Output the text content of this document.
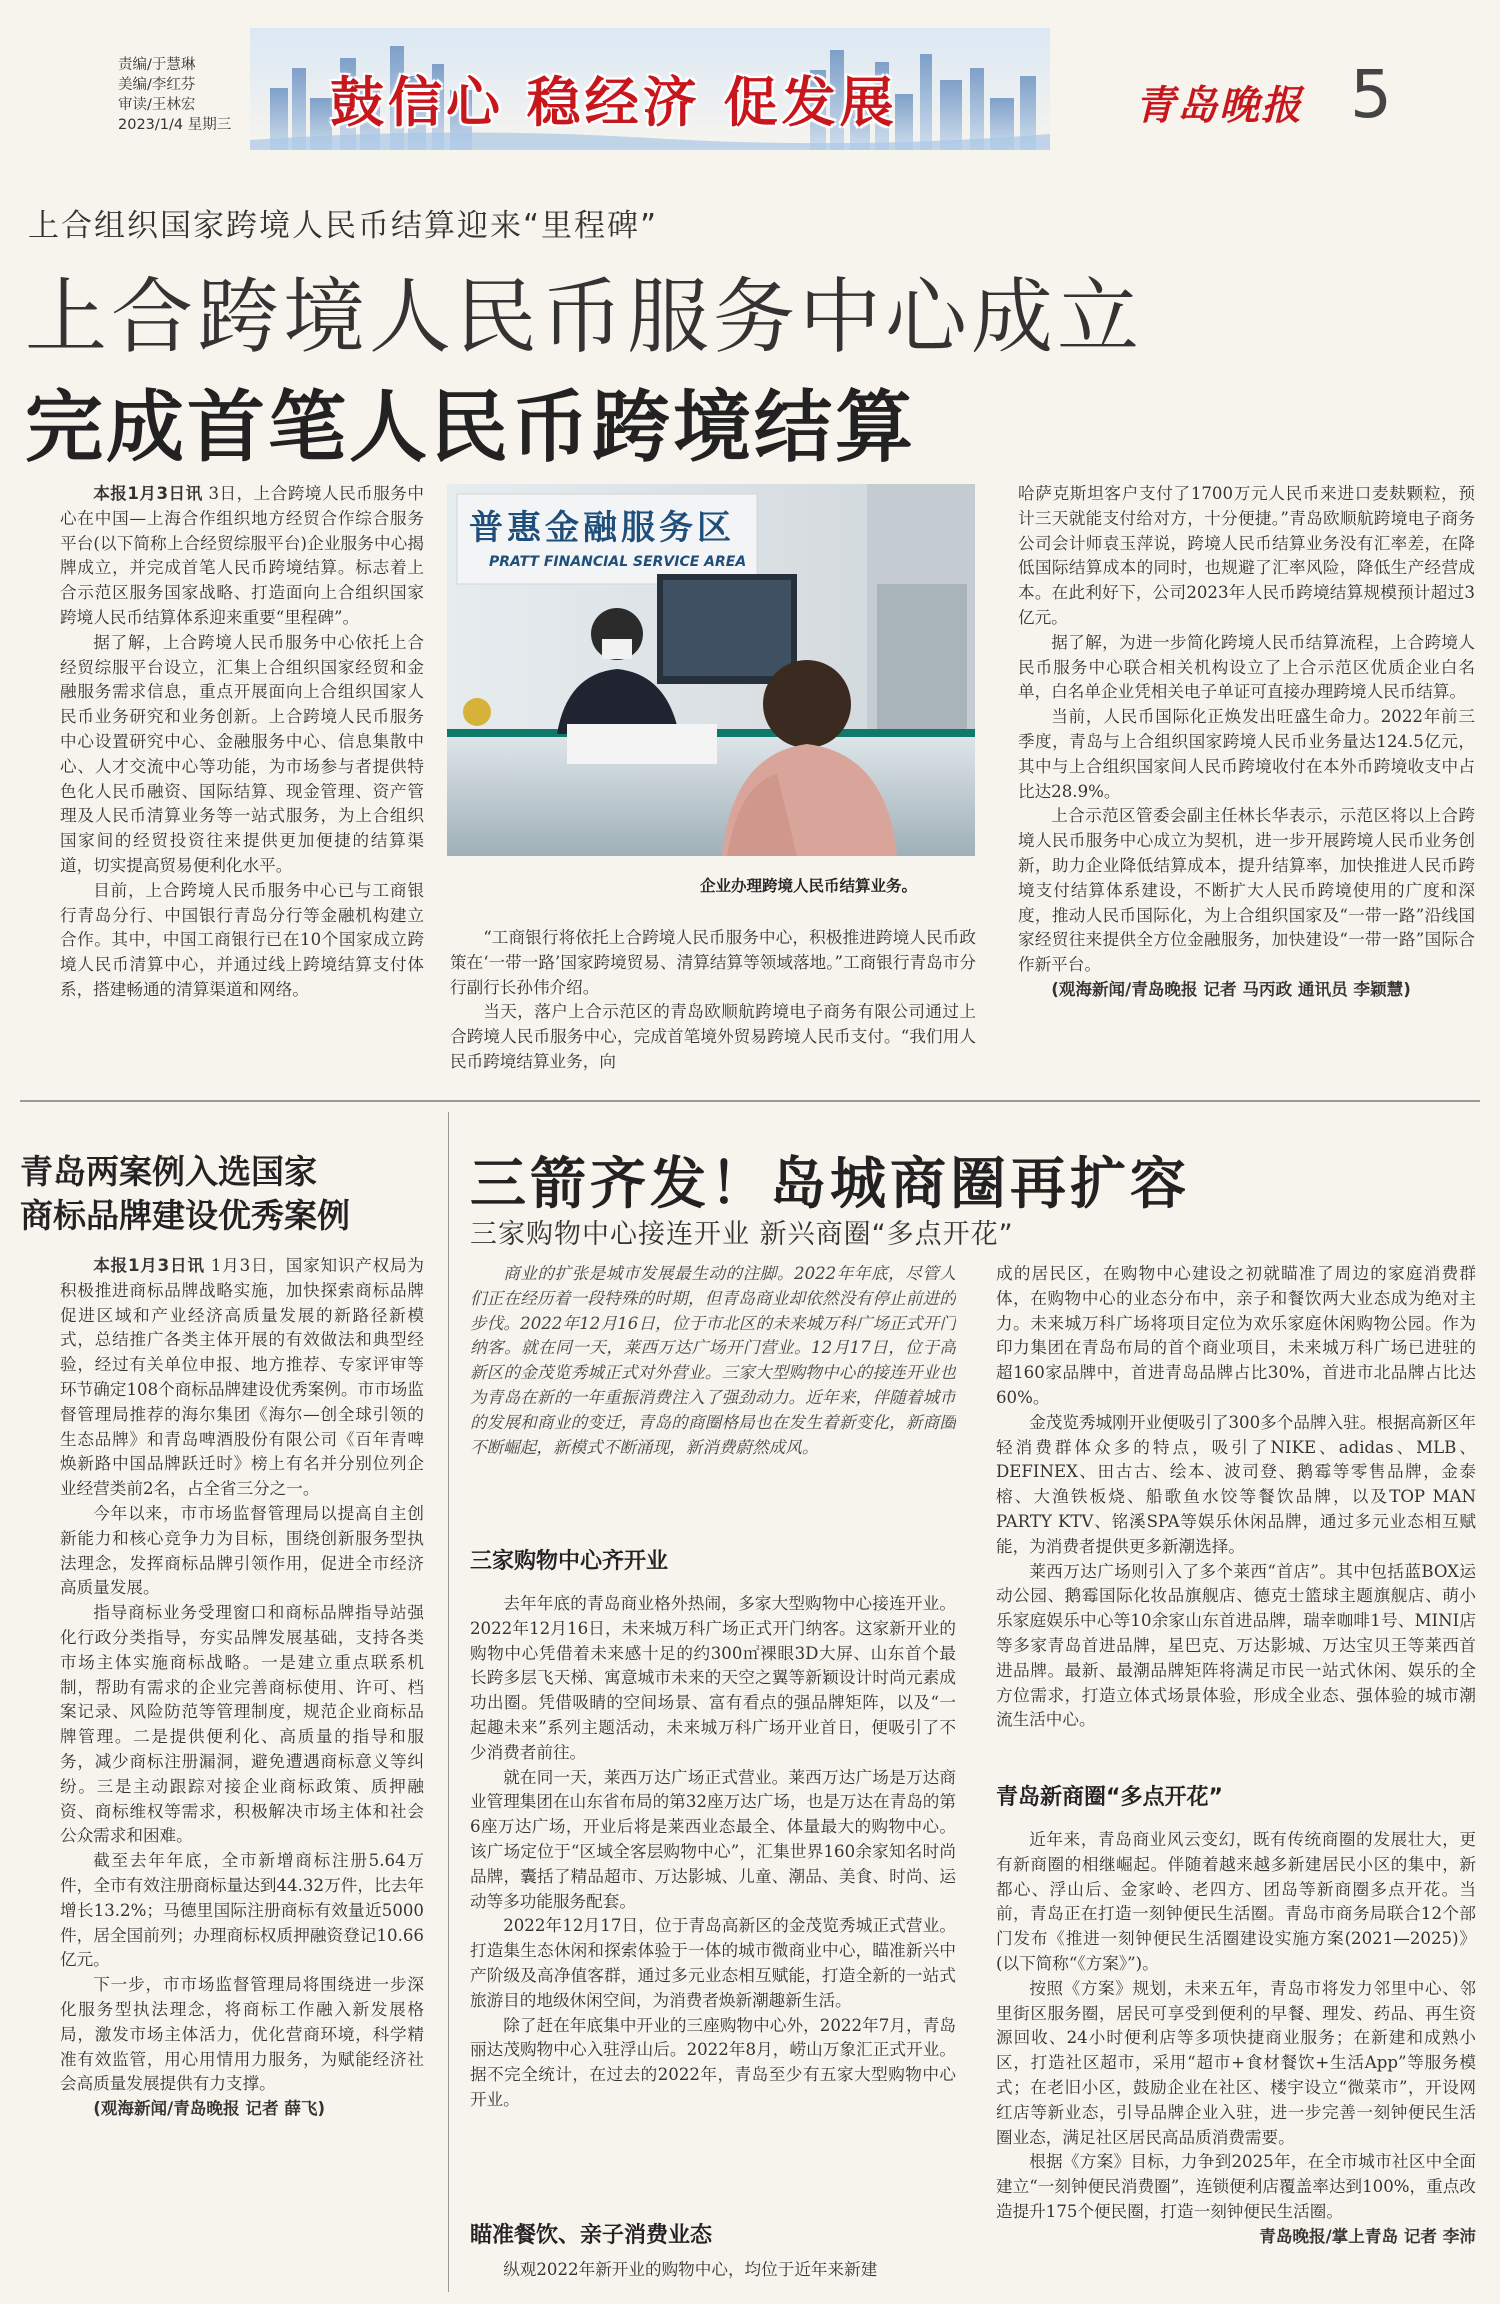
责编/于慧琳
美编/李红芬
审读/王林宏
2023/1/4 星期三 鼓信心 稳经济 促发展	青岛晚报 5
上合组织国家跨境人民币结算迎来“里程碑”
上合跨境人民币服务中心成立
完成首笔人民币跨境结算

本报1月3日讯 3日，上合跨境人民币服务中心在中国—上海合作组织地方经贸合作综合服务平台(以下简称上合经贸综服平台)企业服务中心揭牌成立，并完成首笔人民币跨境结算。标志着上合示范区服务国家战略、打造面向上合组织国家跨境人民币结算体系迎来重要“里程碑”。

据了解，上合跨境人民币服务中心依托上合经贸综服平台设立，汇集上合组织国家经贸和金融服务需求信息，重点开展面向上合组织国家人民币业务研究和业务创新。上合跨境人民币服务中心设置研究中心、金融服务中心、信息集散中心、人才交流中心等功能，为市场参与者提供特色化人民币融资、国际结算、现金管理、资产管理及人民币清算业务等一站式服务，为上合组织国家间的经贸投资往来提供更加便捷的结算渠道，切实提高贸易便利化水平。

目前，上合跨境人民币服务中心已与工商银行青岛分行、中国银行青岛分行等金融机构建立合作。其中，中国工商银行已在10个国家成立跨境人民币清算中心，并通过线上跨境结算支付体系，搭建畅通的清算渠道和网络。

普惠金融服务区
PRATT FINANCIAL SERVICE AREA
企业办理跨境人民币结算业务。

“工商银行将依托上合跨境人民币服务中心，积极推进跨境人民币政策在‘一带一路’国家跨境贸易、清算结算等领域落地。”工商银行青岛市分行副行长孙伟介绍。

当天，落户上合示范区的青岛欧顺航跨境电子商务有限公司通过上合跨境人民币服务中心，完成首笔境外贸易跨境人民币支付。“我们用人民币跨境结算业务，向

哈萨克斯坦客户支付了1700万元人民币来进口麦麸颗粒，预计三天就能支付给对方，十分便捷。”青岛欧顺航跨境电子商务公司会计师袁玉萍说，跨境人民币结算业务没有汇率差，在降低国际结算成本的同时，也规避了汇率风险，降低生产经营成本。在此利好下，公司2023年人民币跨境结算规模预计超过3亿元。

据了解，为进一步简化跨境人民币结算流程，上合跨境人民币服务中心联合相关机构设立了上合示范区优质企业白名单，白名单企业凭相关电子单证可直接办理跨境人民币结算。

当前，人民币国际化正焕发出旺盛生命力。2022年前三季度，青岛与上合组织国家跨境人民币业务量达124.5亿元，其中与上合组织国家间人民币跨境收付在本外币跨境收支中占比达28.9%。

上合示范区管委会副主任林长华表示，示范区将以上合跨境人民币服务中心成立为契机，进一步开展跨境人民币业务创新，助力企业降低结算成本，提升结算率，加快推进人民币跨境支付结算体系建设，不断扩大人民币跨境使用的广度和深度，推动人民币国际化，为上合组织国家及“一带一路”沿线国家经贸往来提供全方位金融服务，加快建设“一带一路”国际合作新平台。

(观海新闻/青岛晚报 记者 马丙政 通讯员 李颖慧)

青岛两案例入选国家
商标品牌建设优秀案例

本报1月3日讯 1月3日，国家知识产权局为积极推进商标品牌战略实施，加快探索商标品牌促进区域和产业经济高质量发展的新路径新模式，总结推广各类主体开展的有效做法和典型经验，经过有关单位申报、地方推荐、专家评审等环节确定108个商标品牌建设优秀案例。市市场监督管理局推荐的海尔集团《海尔—创全球引领的生态品牌》和青岛啤酒股份有限公司《百年青啤焕新路中国品牌跃迁时》榜上有名并分别位列企业经营类前2名，占全省三分之一。

今年以来，市市场监督管理局以提高自主创新能力和核心竞争力为目标，围绕创新服务型执法理念，发挥商标品牌引领作用，促进全市经济高质量发展。

指导商标业务受理窗口和商标品牌指导站强化行政分类指导，夯实品牌发展基础，支持各类市场主体实施商标战略。一是建立重点联系机制，帮助有需求的企业完善商标使用、许可、档案记录、风险防范等管理制度，规范企业商标品牌管理。二是提供便利化、高质量的指导和服务，减少商标注册漏洞，避免遭遇商标意义等纠纷。三是主动跟踪对接企业商标政策、质押融资、商标维权等需求，积极解决市场主体和社会公众需求和困难。

截至去年年底，全市新增商标注册5.64万件，全市有效注册商标量达到44.32万件，比去年增长13.2%；马德里国际注册商标有效量近5000件，居全国前列；办理商标权质押融资登记10.66亿元。

下一步，市市场监督管理局将围绕进一步深化服务型执法理念，将商标工作融入新发展格局，激发市场主体活力，优化营商环境，科学精准有效监管，用心用情用力服务，为赋能经济社会高质量发展提供有力支撑。

(观海新闻/青岛晚报 记者 薛飞)

三箭齐发！岛城商圈再扩容
三家购物中心接连开业 新兴商圈“多点开花”

商业的扩张是城市发展最生动的注脚。2022年年底，尽管人们正在经历着一段特殊的时期，但青岛商业却依然没有停止前进的步伐。2022年12月16日，位于市北区的未来城万科广场正式开门纳客。就在同一天，莱西万达广场开门营业。12月17日，位于高新区的金茂览秀城正式对外营业。三家大型购物中心的接连开业也为青岛在新的一年重振消费注入了强劲动力。近年来，伴随着城市的发展和商业的变迁，青岛的商圈格局也在发生着新变化，新商圈不断崛起，新模式不断涌现，新消费蔚然成风。

三家购物中心齐开业

去年年底的青岛商业格外热闹，多家大型购物中心接连开业。2022年12月16日，未来城万科广场正式开门纳客。这家新开业的购物中心凭借着未来感十足的约300㎡裸眼3D大屏、山东首个最长跨多层飞天梯、寓意城市未来的天空之翼等新颖设计时尚元素成功出圈。凭借吸睛的空间场景、富有看点的强品牌矩阵，以及“一起趣未来”系列主题活动，未来城万科广场开业首日，便吸引了不少消费者前往。

就在同一天，莱西万达广场正式营业。莱西万达广场是万达商业管理集团在山东省布局的第32座万达广场，也是万达在青岛的第6座万达广场，开业后将是莱西业态最全、体量最大的购物中心。该广场定位于“区域全客层购物中心”，汇集世界160余家知名时尚品牌，囊括了精品超市、万达影城、儿童、潮品、美食、时尚、运动等多功能服务配套。

2022年12月17日，位于青岛高新区的金茂览秀城正式营业。打造集生态休闲和探索体验于一体的城市微商业中心，瞄准新兴中产阶级及高净值客群，通过多元业态相互赋能，打造全新的一站式旅游目的地级休闲空间，为消费者焕新潮趣新生活。

除了赶在年底集中开业的三座购物中心外，2022年7月，青岛丽达茂购物中心入驻浮山后。2022年8月，崂山万象汇正式开业。据不完全统计，在过去的2022年，青岛至少有五家大型购物中心开业。

瞄准餐饮、亲子消费业态

纵观2022年新开业的购物中心，均位于近年来新建

成的居民区，在购物中心建设之初就瞄准了周边的家庭消费群体，在购物中心的业态分布中，亲子和餐饮两大业态成为绝对主力。未来城万科广场将项目定位为欢乐家庭休闲购物公园。作为印力集团在青岛布局的首个商业项目，未来城万科广场已进驻的超160家品牌中，首进青岛品牌占比30%，首进市北品牌占比达60%。

金茂览秀城刚开业便吸引了300多个品牌入驻。根据高新区年轻消费群体众多的特点，吸引了NIKE、adidas、MLB、DEFINEX、田古古、绘本、波司登、鹅霉等零售品牌，金泰榕、大渔铁板烧、船歌鱼水饺等餐饮品牌，以及TOP MAN PARTY KTV、铭溪SPA等娱乐休闲品牌，通过多元业态相互赋能，为消费者提供更多新潮选择。

莱西万达广场则引入了多个莱西“首店”。其中包括蓝BOX运动公园、鹅霉国际化妆品旗舰店、德克士篮球主题旗舰店、萌小乐家庭娱乐中心等10余家山东首进品牌，瑞幸咖啡1号、MINI店等多家青岛首进品牌，星巴克、万达影城、万达宝贝王等莱西首进品牌。最新、最潮品牌矩阵将满足市民一站式休闲、娱乐的全方位需求，打造立体式场景体验，形成全业态、强体验的城市潮流生活中心。

青岛新商圈“多点开花”

近年来，青岛商业风云变幻，既有传统商圈的发展壮大，更有新商圈的相继崛起。伴随着越来越多新建居民小区的集中，新都心、浮山后、金家岭、老四方、团岛等新商圈多点开花。当前，青岛正在打造一刻钟便民生活圈。青岛市商务局联合12个部门发布《推进一刻钟便民生活圈建设实施方案(2021—2025)》(以下简称“《方案》”)。

按照《方案》规划，未来五年，青岛市将发力邻里中心、邻里街区服务圈，居民可享受到便利的早餐、理发、药品、再生资源回收、24小时便利店等多项快捷商业服务；在新建和成熟小区，打造社区超市，采用“超市+食材餐饮+生活App”等服务模式；在老旧小区，鼓励企业在社区、楼宇设立“微菜市”，开设网红店等新业态，引导品牌企业入驻，进一步完善一刻钟便民生活圈业态，满足社区居民高品质消费需要。

根据《方案》目标，力争到2025年，在全市城市社区中全面建立“一刻钟便民消费圈”，连锁便利店覆盖率达到100%，重点改造提升175个便民圈，打造一刻钟便民生活圈。

青岛晚报/掌上青岛 记者 李沛
